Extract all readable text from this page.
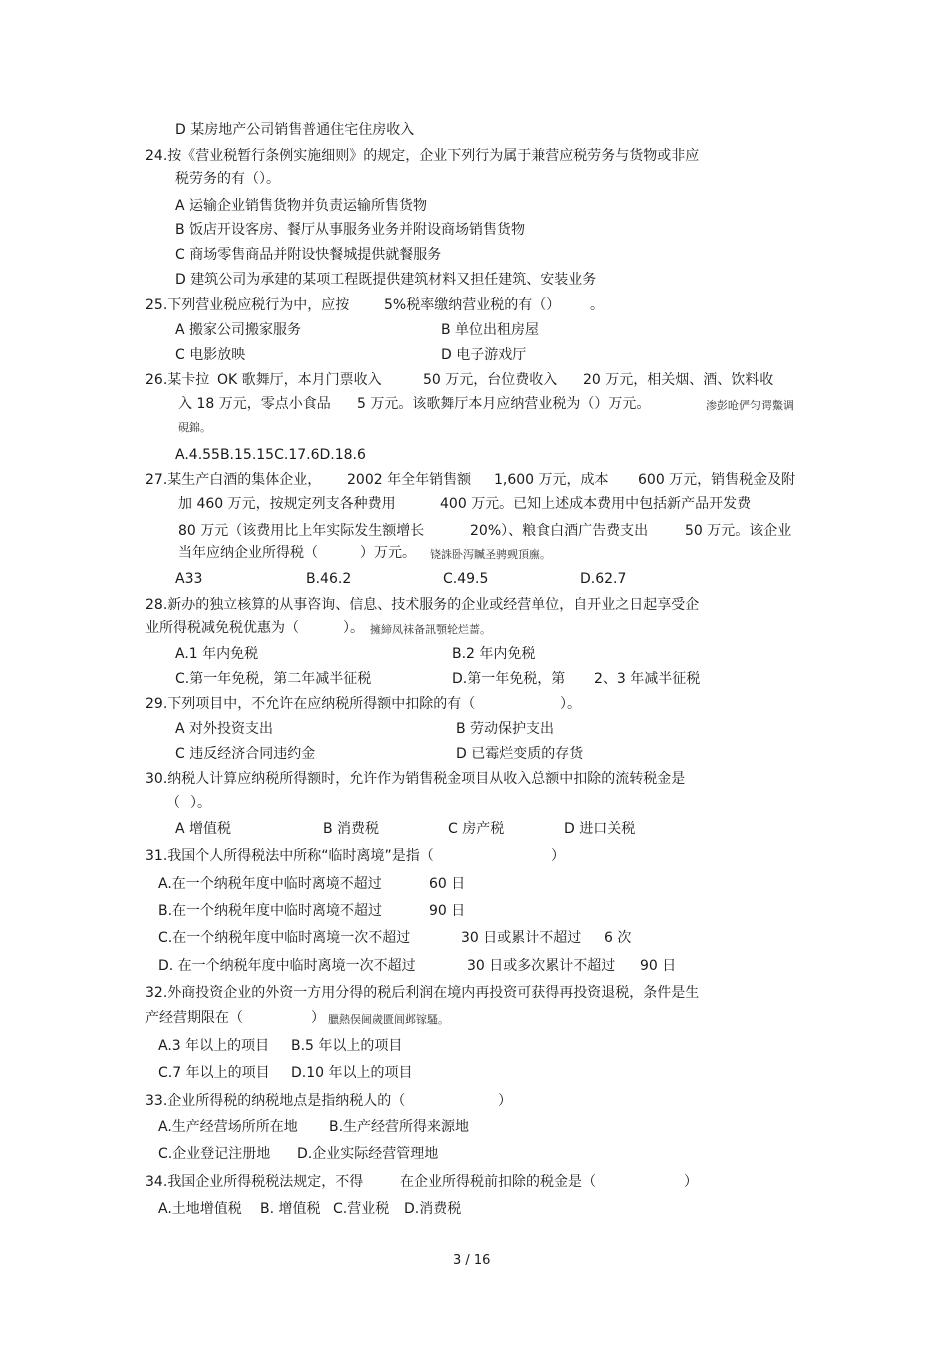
D 某房地产公司销售普通住宅住房收入
24.按《营业税暂行条例实施细则》的规定，企业下列行为属于兼营应税劳务与货物或非应
税劳务的有（）。
A 运输企业销售货物并负责运输所售货物
B 饭店开设客房、餐厅从事服务业务并附设商场销售货物
C 商场零售商品并附设快餐城提供就餐服务
D 建筑公司为承建的某项工程既提供建筑材料又担任建筑、安装业务
25.下列营业税应税行为中，应按 5%税率缴纳营业税的有（） 。
A 搬家公司搬家服务	B 单位出租房屋
C 电影放映	D 电子游戏厅
26.某卡拉 OK 歌舞厅，本月门票收入	50 万元，台位费收入 20 万元，相关烟、酒、饮料收
入 18 万元，零点小食品 5 万元。该歌舞厅本月应纳营业税为（）万元。	渗彭呛俨匀谔鱉调
硯錦。
A.4.55B.15.15C.17.6D.18.6
27.某生产白酒的集体企业， 2002 年全年销售额 1,600 万元，成本 600 万元，销售税金及附
加 460 万元，按规定列支各种费用	400 万元。已知上述成本费用中包括新产品开发费
80 万元（该费用比上年实际发生额增长	20%）、粮食白酒广告费支出	50 万元。该企业
当年应纳企业所得税（	）万元。 铙誅卧泻贓圣骋觋頂廡。
A33	B.46.2	C.49.5	D.62.7
28.新办的独立核算的从事咨询、信息、技术服务的企业或经营单位，自开业之日起享受企
业所得税减免税优惠为（	）。 擁締凤袜备訊顎轮烂蔷。
A.1 年内免税	B.2 年内免税
C.第一年免税，第二年减半征税	D.第一年免税，第 2、3 年减半征税
29.下列项目中，不允许在应纳税所得额中扣除的有（	）。
A 对外投资支出	B 劳动保护支出
C 违反经济合同违约金	D 已霉烂变质的存货
30.纳税人计算应纳税所得额时，允许作为销售税金项目从收入总额中扣除的流转税金是
（ ）。
A 增值税	B 消费税	C 房产税	D 进口关税
31.我国个人所得税法中所称“临时离境”是指（	）
A.在一个纳税年度中临时离境不超过	60 日
B.在一个纳税年度中临时离境不超过	90 日
C.在一个纳税年度中临时离境一次不超过	30 日或累计不超过 6 次
D. 在一个纳税年度中临时离境一次不超过	30 日或多次累计不超过 90 日
32.外商投资企业的外资一方用分得的税后利润在境内再投资可获得再投资退税，条件是生
产经营期限在（	） 臘熱俣阃歲匱阊邺镓騷。
A.3 年以上的项目 B.5 年以上的项目
C.7 年以上的项目 D.10 年以上的项目
33.企业所得税的纳税地点是指纳税人的（	）
A.生产经营场所所在地 B.生产经营所得来源地
C.企业登记注册地 D.企业实际经营管理地
34.我国企业所得税税法规定，不得	在企业所得税前扣除的税金是（	）
A.土地增值税 B. 增值税 C.营业税 D.消费税
3 / 16
